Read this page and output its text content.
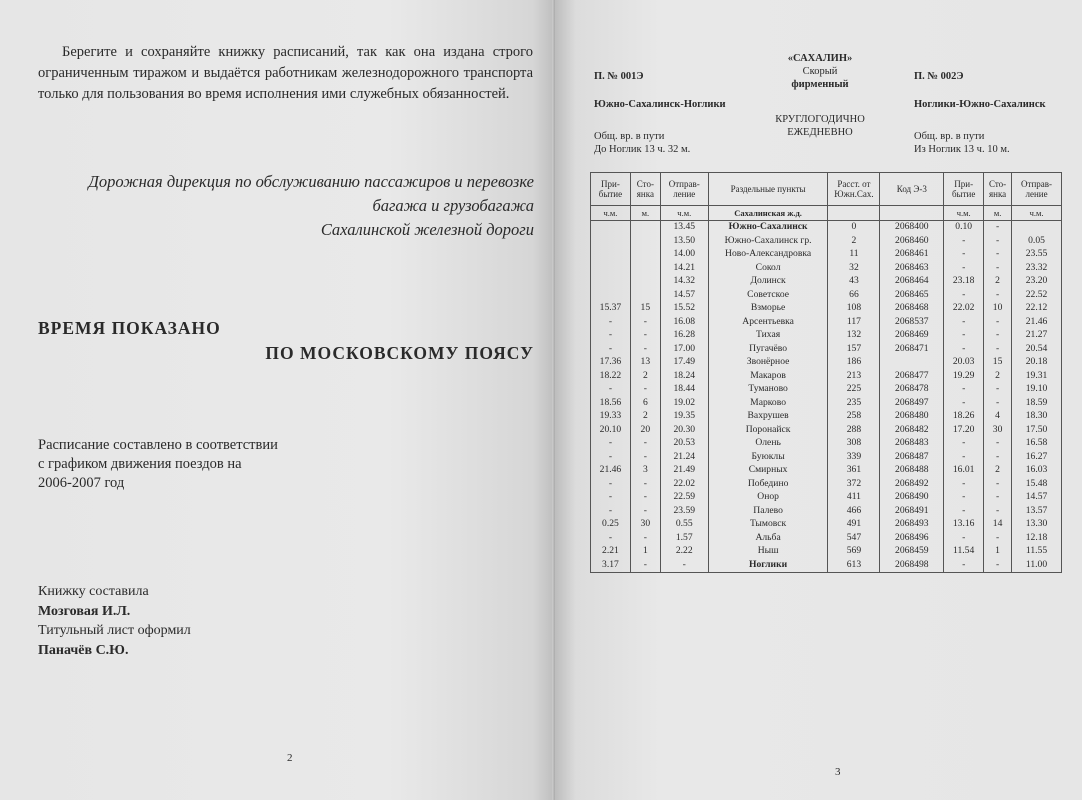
Берегите и сохраняйте книжку расписаний, так как она издана строго ограниченным тиражом и выдаётся работникам железнодорожного транспорта только для пользования во время исполнения ими служебных обязанностей.
Дорожная дирекция по обслуживанию пассажиров и перевозке
багажа и грузобагажа
Сахалинской железной дороги
ВРЕМЯ ПОКАЗАНО
ПО МОСКОВСКОМУ ПОЯСУ
Расписание составлено в соответствии
с графиком движения поездов на
2006-2007 год
Книжку составила
Мозговая И.Л.
Титульный лист оформил
Паначёв С.Ю.
2
П. № 001Э	П. № 002Э
«САХАЛИН»
Скорый
фирменный
Южно-Сахалинск-Ноглики	Ноглики-Южно-Сахалинск
КРУГЛОГОДИЧНО
ЕЖЕДНЕВНО
Общ. вр. в пути
До Ноглик 13 ч. 32 м.
Общ. вр. в пути
Из Ноглик 13 ч. 10 м.
При-бытие	Сто-янка	Отправ-ление	Раздельные пункты	Расст. от Южн.Сах.	Код Э-3	При-бытие	Сто-янка	Отправ-ление
ч.м.	м.	ч.м.	Сахалинская ж.д.			ч.м.	м.	ч.м.
		13.45	Южно-Сахалинск	0	2068400	0.10	-	
		13.50	Южно-Сахалинск гр.	2	2068460	-	-	0.05
		14.00	Ново-Александровка	11	2068461	-	-	23.55
		14.21	Сокол	32	2068463	-	-	23.32
		14.32	Долинск	43	2068464	23.18	2	23.20
		14.57	Советское	66	2068465	-	-	22.52
15.37	15	15.52	Взморье	108	2068468	22.02	10	22.12
-	-	16.08	Арсентьевка	117	2068537	-	-	21.46
-	-	16.28	Тихая	132	2068469	-	-	21.27
-	-	17.00	Пугачёво	157	2068471	-	-	20.54
17.36	13	17.49	Звонёрное	186		20.03	15	20.18
18.22	2	18.24	Макаров	213	2068477	19.29	2	19.31
-	-	18.44	Туманово	225	2068478	-	-	19.10
18.56	6	19.02	Марково	235	2068497	-	-	18.59
19.33	2	19.35	Вахрушев	258	2068480	18.26	4	18.30
20.10	20	20.30	Поронайск	288	2068482	17.20	30	17.50
-	-	20.53	Олень	308	2068483	-	-	16.58
-	-	21.24	Буюклы	339	2068487	-	-	16.27
21.46	3	21.49	Смирных	361	2068488	16.01	2	16.03
-	-	22.02	Победино	372	2068492	-	-	15.48
-	-	22.59	Онор	411	2068490	-	-	14.57
-	-	23.59	Палево	466	2068491	-	-	13.57
0.25	30	0.55	Тымовск	491	2068493	13.16	14	13.30
-	-	1.57	Альба	547	2068496	-	-	12.18
2.21	1	2.22	Ныш	569	2068459	11.54	1	11.55
3.17	-	-	Ноглики	613	2068498	-	-	11.00
3
